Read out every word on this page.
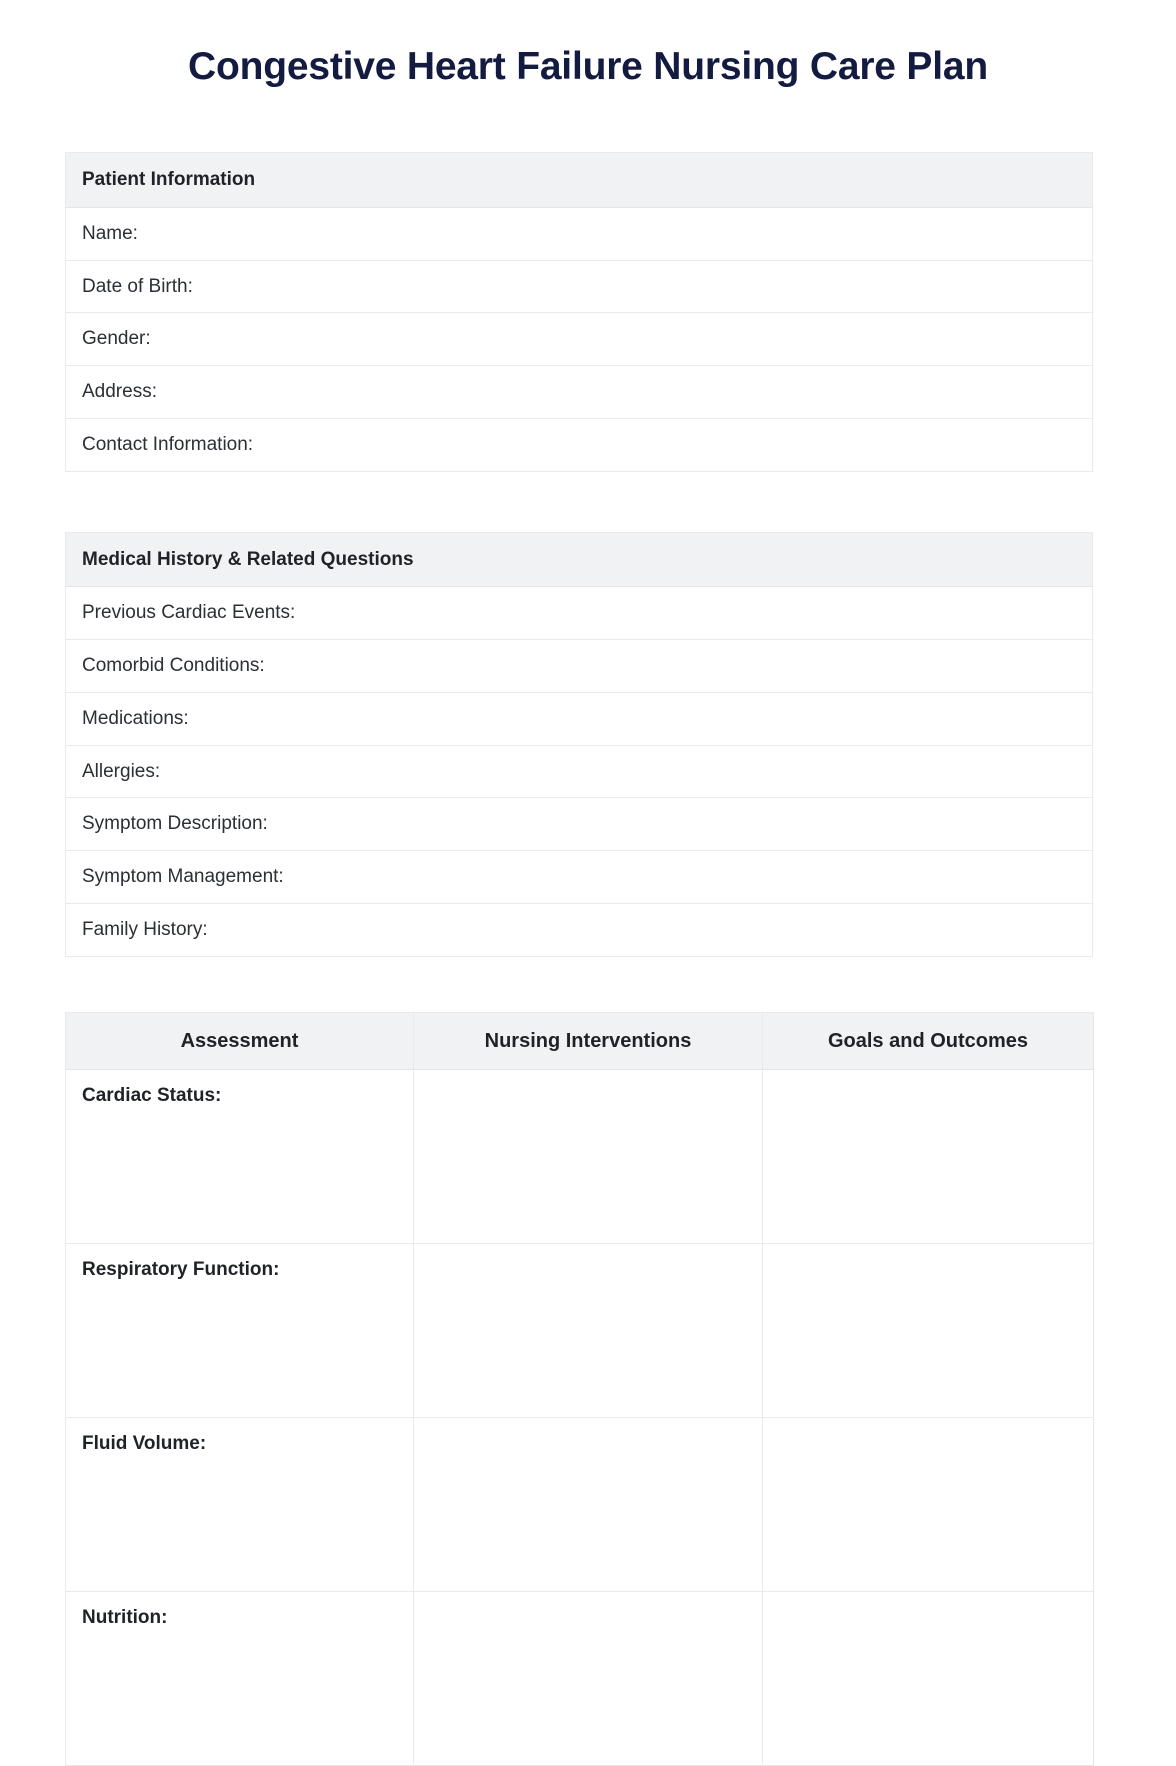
Congestive Heart Failure Nursing Care Plan
Patient Information
Name:
Date of Birth:
Gender:
Address:
Contact Information:
Medical History & Related Questions
Previous Cardiac Events:
Comorbid Conditions:
Medications:
Allergies:
Symptom Description:
Symptom Management:
Family History:
Assessment	Nursing Interventions	Goals and Outcomes
Cardiac Status:		
Respiratory Function:		
Fluid Volume:		
Nutrition:		
